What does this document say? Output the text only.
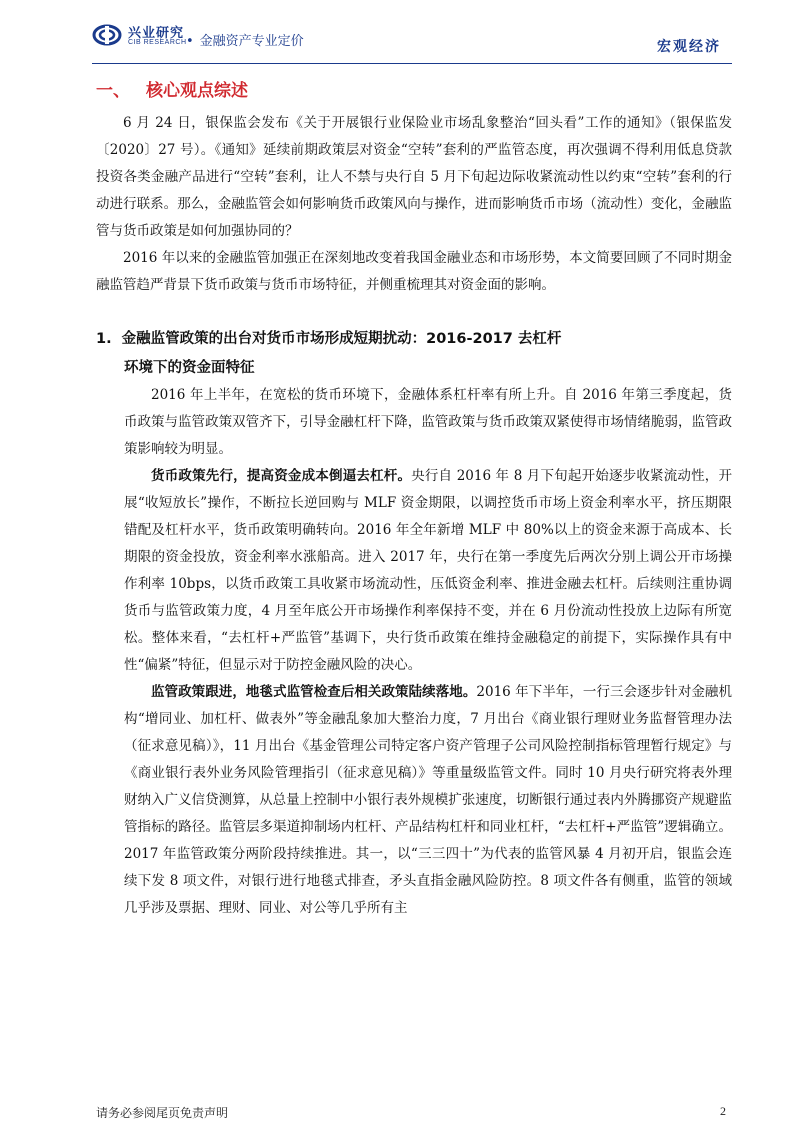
兴业研究
CIB RESEARCH • 金融资产专业定价	宏观经济
一、 核心观点综述

6 月 24 日，银保监会发布《关于开展银行业保险业市场乱象整治“回头看”工作的通知》（银保监发〔2020〕27 号）。《通知》延续前期政策层对资金“空转”套利的严监管态度，再次强调不得利用低息贷款投资各类金融产品进行“空转”套利，让人不禁与央行自 5 月下旬起边际收紧流动性以约束“空转”套利的行动进行联系。那么，金融监管会如何影响货币政策风向与操作，进而影响货币市场（流动性）变化，金融监管与货币政策是如何加强协同的？

2016 年以来的金融监管加强正在深刻地改变着我国金融业态和市场形势，本文简要回顾了不同时期金融监管趋严背景下货币政策与货币市场特征，并侧重梳理其对资金面的影响。

1. 金融监管政策的出台对货币市场形成短期扰动：2016-2017 去杠杆
环境下的资金面特征

2016 年上半年，在宽松的货币环境下，金融体系杠杆率有所上升。自 2016 年第三季度起，货币政策与监管政策双管齐下，引导金融杠杆下降，监管政策与货币政策双紧使得市场情绪脆弱，监管政策影响较为明显。

货币政策先行，提高资金成本倒逼去杠杆。央行自 2016 年 8 月下旬起开始逐步收紧流动性，开展“收短放长”操作，不断拉长逆回购与 MLF 资金期限，以调控货币市场上资金利率水平，挤压期限错配及杠杆水平，货币政策明确转向。2016 年全年新增 MLF 中 80%以上的资金来源于高成本、长期限的资金投放，资金利率水涨船高。进入 2017 年，央行在第一季度先后两次分别上调公开市场操作利率 10bps，以货币政策工具收紧市场流动性，压低资金利率、推进金融去杠杆。后续则注重协调货币与监管政策力度，4 月至年底公开市场操作利率保持不变，并在 6 月份流动性投放上边际有所宽松。整体来看，“去杠杆+严监管”基调下，央行货币政策在维持金融稳定的前提下，实际操作具有中性“偏紧”特征，但显示对于防控金融风险的决心。

监管政策跟进，地毯式监管检查后相关政策陆续落地。2016 年下半年，一行三会逐步针对金融机构“增同业、加杠杆、做表外”等金融乱象加大整治力度，7 月出台《商业银行理财业务监督管理办法（征求意见稿）》，11 月出台《基金管理公司特定客户资产管理子公司风险控制指标管理暂行规定》与《商业银行表外业务风险管理指引（征求意见稿）》等重量级监管文件。同时 10 月央行研究将表外理财纳入广义信贷测算，从总量上控制中小银行表外规模扩张速度，切断银行通过表内外腾挪资产规避监管指标的路径。监管层多渠道抑制场内杠杆、产品结构杠杆和同业杠杆，“去杠杆+严监管”逻辑确立。2017 年监管政策分两阶段持续推进。其一，以“三三四十”为代表的监管风暴 4 月初开启，银监会连续下发 8 项文件，对银行进行地毯式排查，矛头直指金融风险防控。8 项文件各有侧重，监管的领域几乎涉及票据、理财、同业、对公等几乎所有主

请务必参阅尾页免责声明	2
